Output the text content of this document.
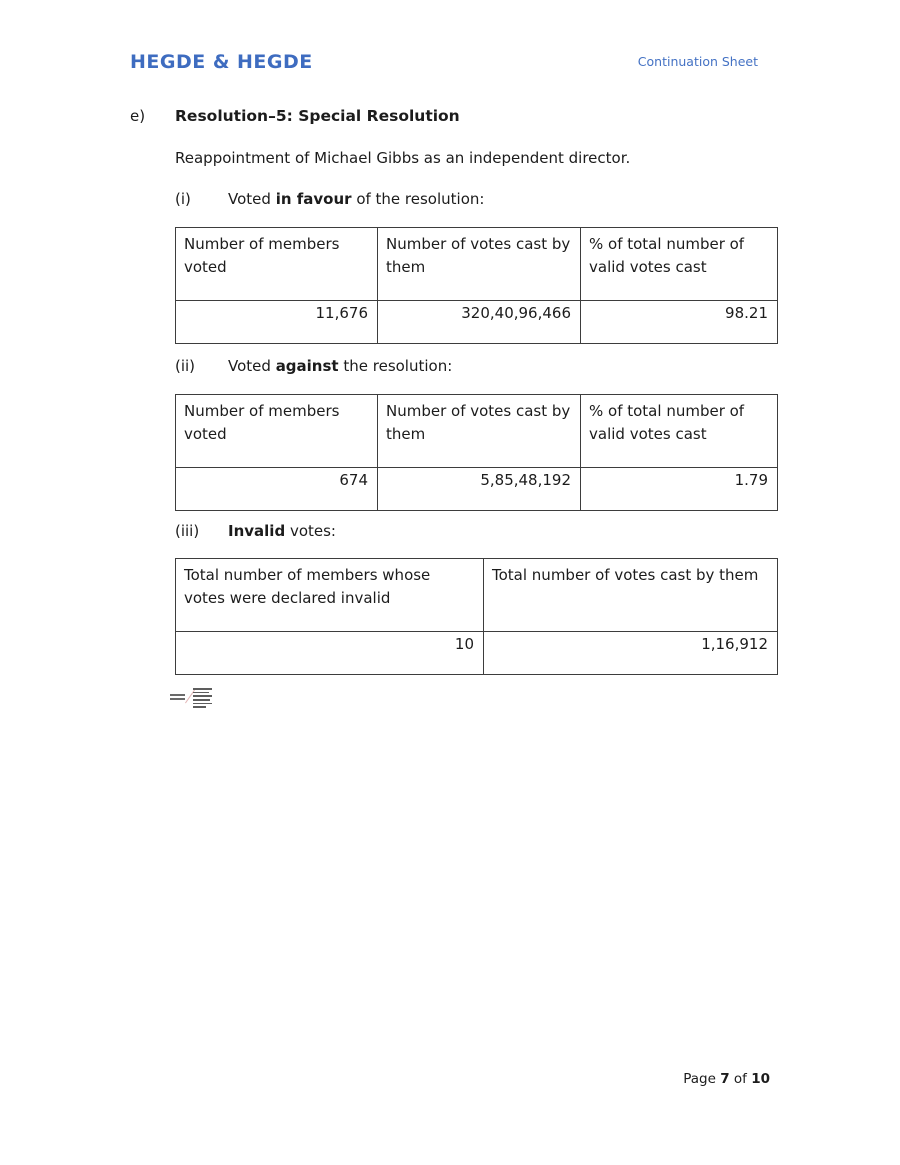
HEGDE & HEGDE	Continuation Sheet
e) Resolution–5: Special Resolution
Reappointment of Michael Gibbs as an independent director.
(i) Voted in favour of the resolution:
Number of members voted	Number of votes cast by them	% of total number of valid votes cast
11,676	320,40,96,466	98.21
(ii) Voted against the resolution:
Number of members voted	Number of votes cast by them	% of total number of valid votes cast
674	5,85,48,192	1.79
(iii) Invalid votes:
Total number of members whose votes were declared invalid	Total number of votes cast by them
10	1,16,912
Page 7 of 10
